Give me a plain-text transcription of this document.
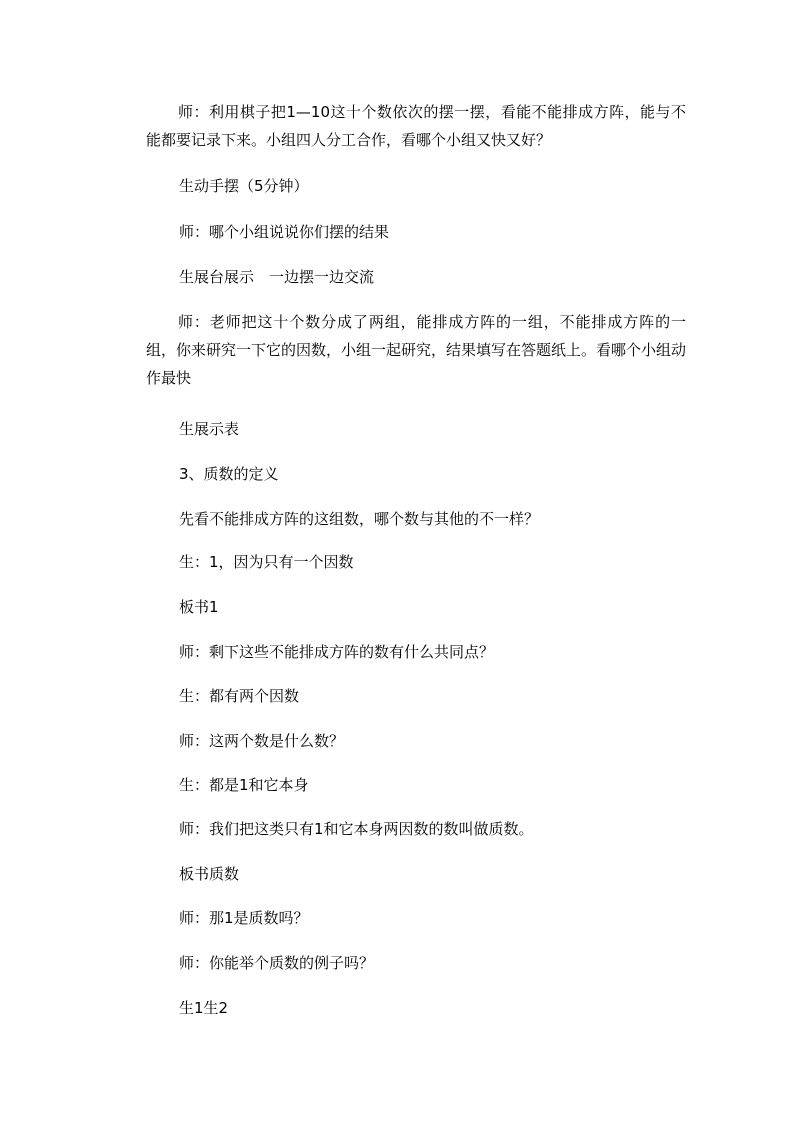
师：利用棋子把1—10这十个数依次的摆一摆，看能不能排成方阵，能与不能都要记录下来。小组四人分工合作，看哪个小组又快又好？

生动手摆（5分钟）

师：哪个小组说说你们摆的结果

生展台展示　一边摆一边交流

师：老师把这十个数分成了两组，能排成方阵的一组，不能排成方阵的一组，你来研究一下它的因数，小组一起研究，结果填写在答题纸上。看哪个小组动作最快

生展示表

3、质数的定义

先看不能排成方阵的这组数，哪个数与其他的不一样？

生：1，因为只有一个因数

板书1

师：剩下这些不能排成方阵的数有什么共同点？

生：都有两个因数

师：这两个数是什么数？

生：都是1和它本身

师：我们把这类只有1和它本身两因数的数叫做质数。

板书质数

师：那1是质数吗？

师：你能举个质数的例子吗？

生1生2
